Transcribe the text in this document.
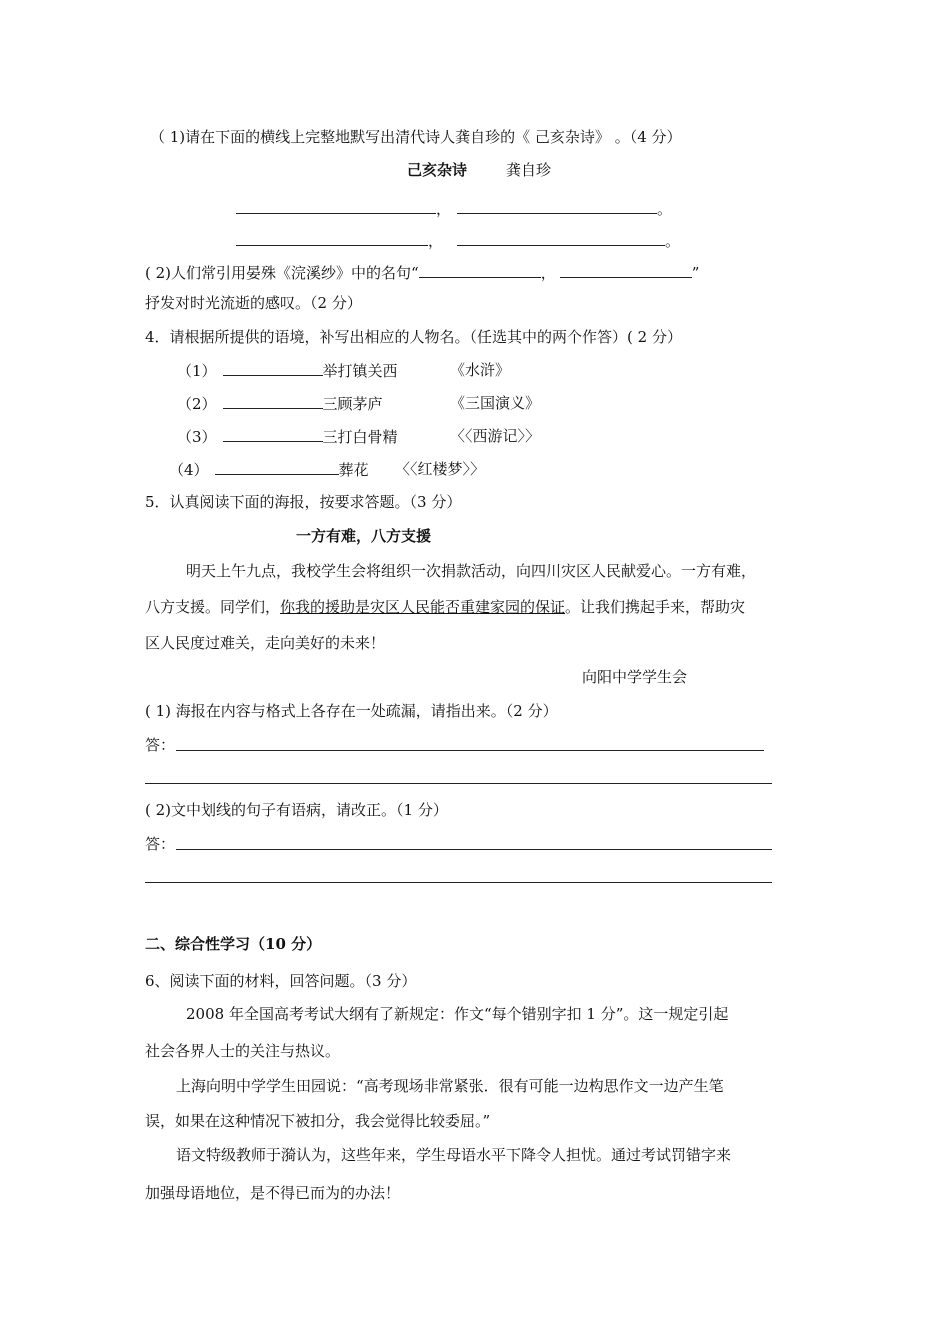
（ 1)请在下面的横线上完整地默写出清代诗人龚自珍的《 己亥杂诗》 。（4 分）
己亥杂诗	龚自珍
，	。
，	。
( 2)人们常引用晏殊《浣溪纱》中的名句“	，	”
抒发对时光流逝的感叹。（2 分）
4．请根据所提供的语境，补写出相应的人物名。（任选其中的两个作答）( 2 分）
（1）	举打镇关西	《水浒》
（2）	三顾茅庐	《三国演义》
（3）	三打白骨精	〈〈西游记〉〉
（4）	葬花 〈〈红楼梦〉〉
5．认真阅读下面的海报，按要求答题。（3 分）
一方有难，八方支援
明天上午九点，我校学生会将组织一次捐款活动，向四川灾区人民献爱心。一方有难，
八方支援。同学们，你我的援助是灾区人民能否重建家园的保证。让我们携起手来，帮助灾
区人民度过难关，走向美好的未来！
向阳中学学生会
( 1) 海报在内容与格式上各存在一处疏漏，请指出来。（2 分）
答：
( 2)文中划线的句子有语病，请改正。（1 分）
答：
二、综合性学习（10 分）
6、阅读下面的材料，回答问题。（3 分）
2008 年全国高考考试大纲有了新规定：作文“每个错别字扣 1 分”。这一规定引起
社会各界人士的关注与热议。
上海向明中学学生田园说：“高考现场非常紧张．很有可能一边构思作文一边产生笔
误，如果在这种情况下被扣分，我会觉得比较委屈。”
语文特级教师于漪认为，这些年来，学生母语水平下降令人担忧。通过考试罚错字来
加强母语地位，是不得已而为的办法！
